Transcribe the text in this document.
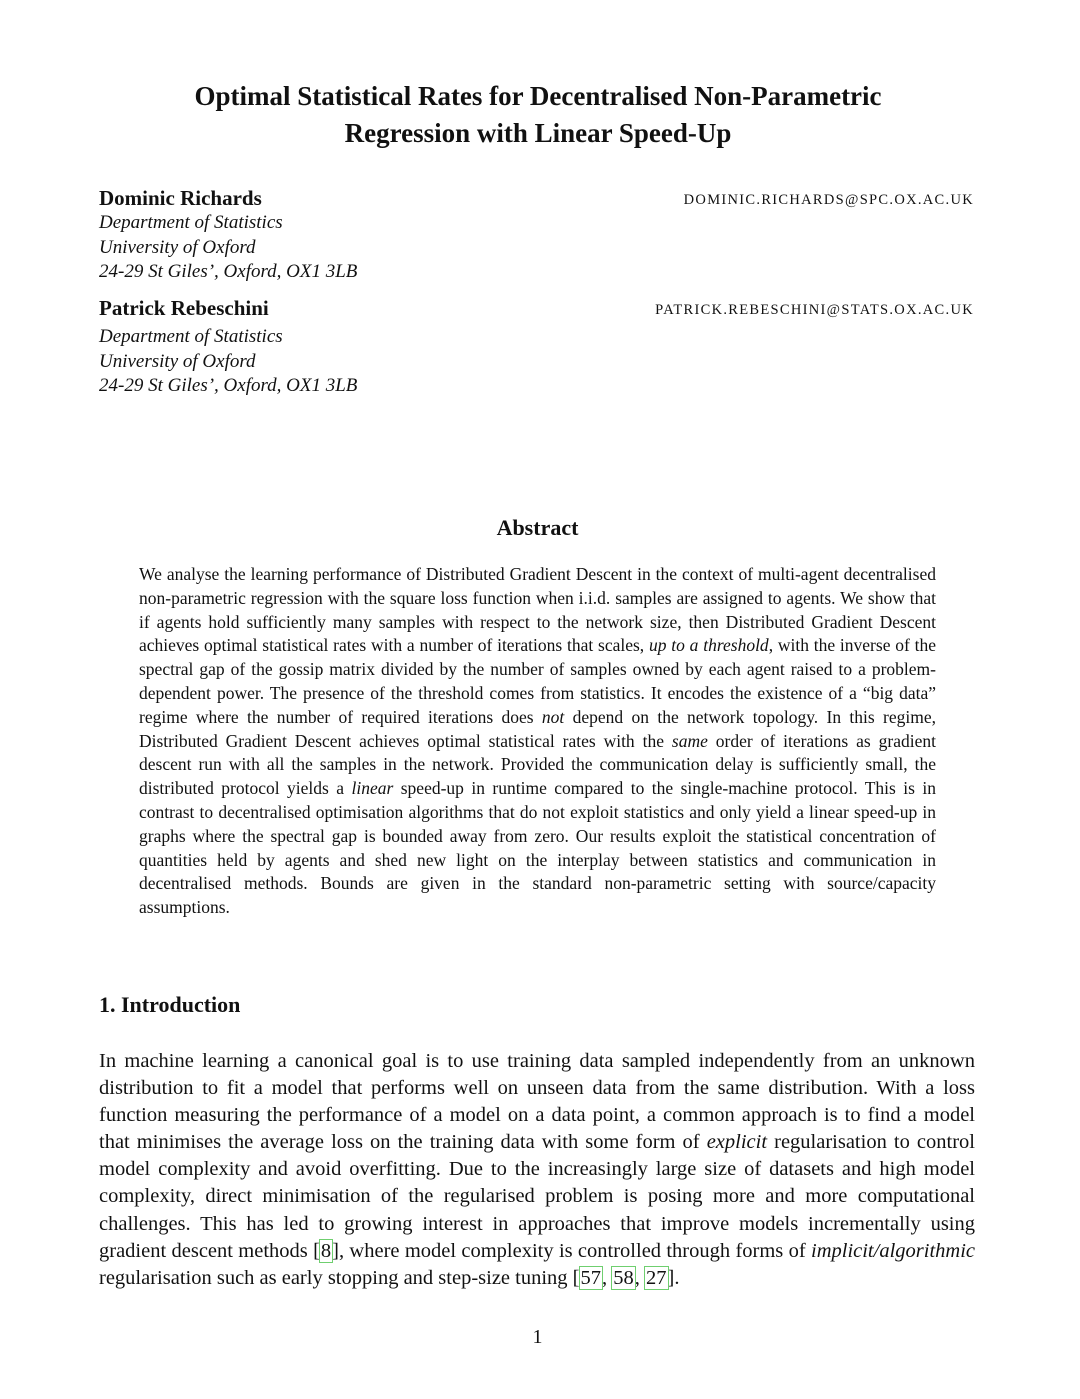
Optimal Statistical Rates for Decentralised Non-Parametric
Regression with Linear Speed-Up
Dominic Richards	DOMINIC.RICHARDS@SPC.OX.AC.UK
Department of Statistics
University of Oxford
24-29 St Giles’, Oxford, OX1 3LB
Patrick Rebeschini	PATRICK.REBESCHINI@STATS.OX.AC.UK
Department of Statistics
University of Oxford
24-29 St Giles’, Oxford, OX1 3LB
Abstract
We analyse the learning performance of Distributed Gradient Descent in the context of multi-agent decentralised non-parametric regression with the square loss function when i.i.d. samples are assigned to agents. We show that if agents hold sufficiently many samples with respect to the network size, then Distributed Gradient Descent achieves optimal statistical rates with a number of iterations that scales, up to a threshold, with the inverse of the spectral gap of the gossip matrix divided by the number of samples owned by each agent raised to a problem-dependent power. The presence of the threshold comes from statistics. It encodes the existence of a “big data” regime where the number of required iterations does not depend on the network topology. In this regime, Distributed Gradient Descent achieves optimal statistical rates with the same order of iterations as gradient descent run with all the samples in the network. Provided the communication delay is sufficiently small, the distributed protocol yields a linear speed-up in runtime compared to the single-machine protocol. This is in contrast to decentralised optimisation algorithms that do not exploit statistics and only yield a linear speed-up in graphs where the spectral gap is bounded away from zero. Our results exploit the statistical concentration of quantities held by agents and shed new light on the interplay between statistics and communication in decentralised methods. Bounds are given in the standard non-parametric setting with source/capacity assumptions.
1. Introduction
In machine learning a canonical goal is to use training data sampled independently from an unknown distribution to fit a model that performs well on unseen data from the same distribution. With a loss function measuring the performance of a model on a data point, a common approach is to find a model that minimises the average loss on the training data with some form of explicit regularisation to control model complexity and avoid overfitting. Due to the increasingly large size of datasets and high model complexity, direct minimisation of the regularised problem is posing more and more computational challenges. This has led to growing interest in approaches that improve models incrementally using gradient descent methods [8], where model complexity is controlled through forms of implicit/algorithmic regularisation such as early stopping and step-size tuning [57, 58, 27].
1
